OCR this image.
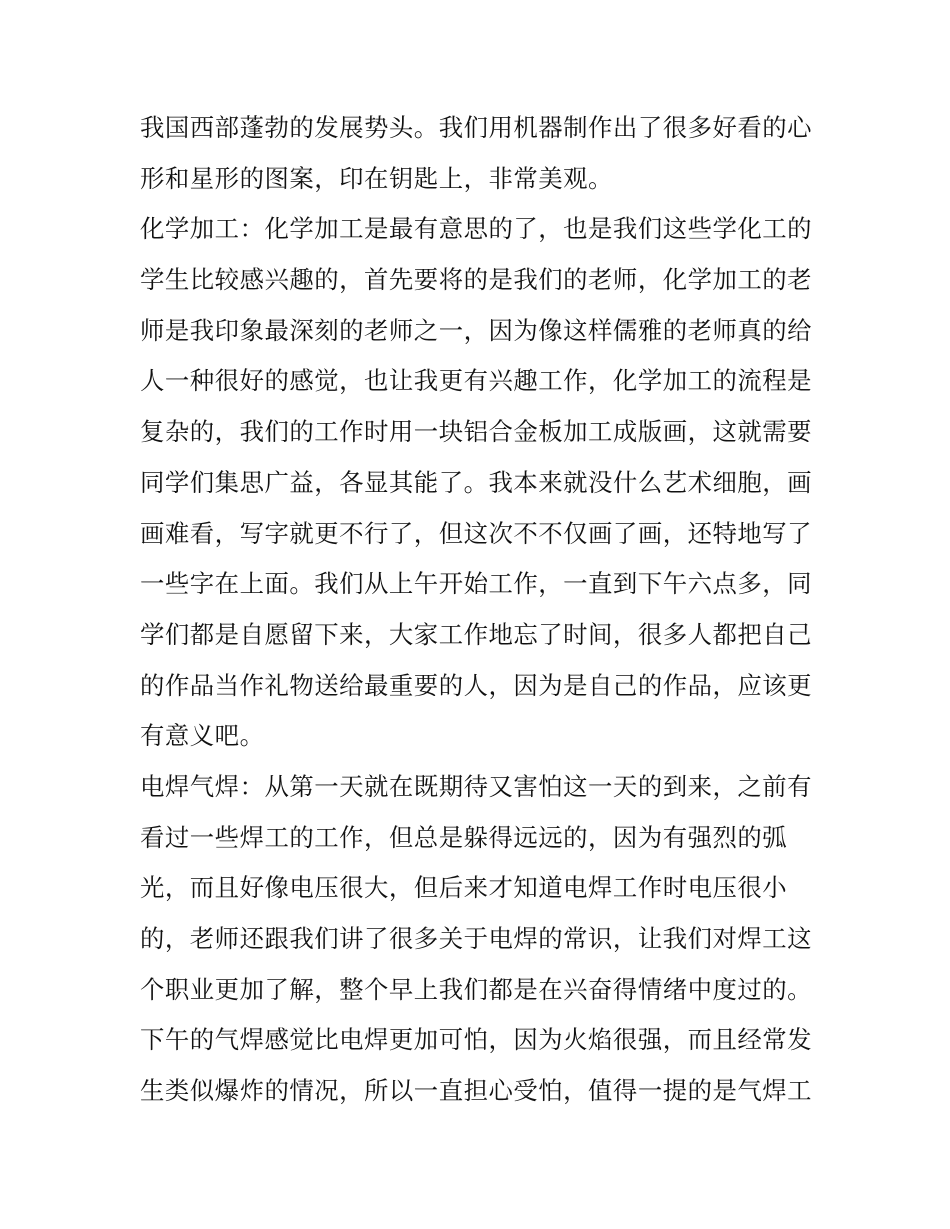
我国西部蓬勃的发展势头。我们用机器制作出了很多好看的心
形和星形的图案，印在钥匙上，非常美观。
化学加工：化学加工是最有意思的了，也是我们这些学化工的
学生比较感兴趣的，首先要将的是我们的老师，化学加工的老
师是我印象最深刻的老师之一，因为像这样儒雅的老师真的给
人一种很好的感觉，也让我更有兴趣工作，化学加工的流程是
复杂的，我们的工作时用一块铝合金板加工成版画，这就需要
同学们集思广益，各显其能了。我本来就没什么艺术细胞，画
画难看，写字就更不行了，但这次不不仅画了画，还特地写了
一些字在上面。我们从上午开始工作，一直到下午六点多，同
学们都是自愿留下来，大家工作地忘了时间，很多人都把自己
的作品当作礼物送给最重要的人，因为是自己的作品，应该更
有意义吧。
电焊气焊：从第一天就在既期待又害怕这一天的到来，之前有
看过一些焊工的工作，但总是躲得远远的，因为有强烈的弧
光，而且好像电压很大，但后来才知道电焊工作时电压很小
的，老师还跟我们讲了很多关于电焊的常识，让我们对焊工这
个职业更加了解，整个早上我们都是在兴奋得情绪中度过的。
下午的气焊感觉比电焊更加可怕，因为火焰很强，而且经常发
生类似爆炸的情况，所以一直担心受怕，值得一提的是气焊工
